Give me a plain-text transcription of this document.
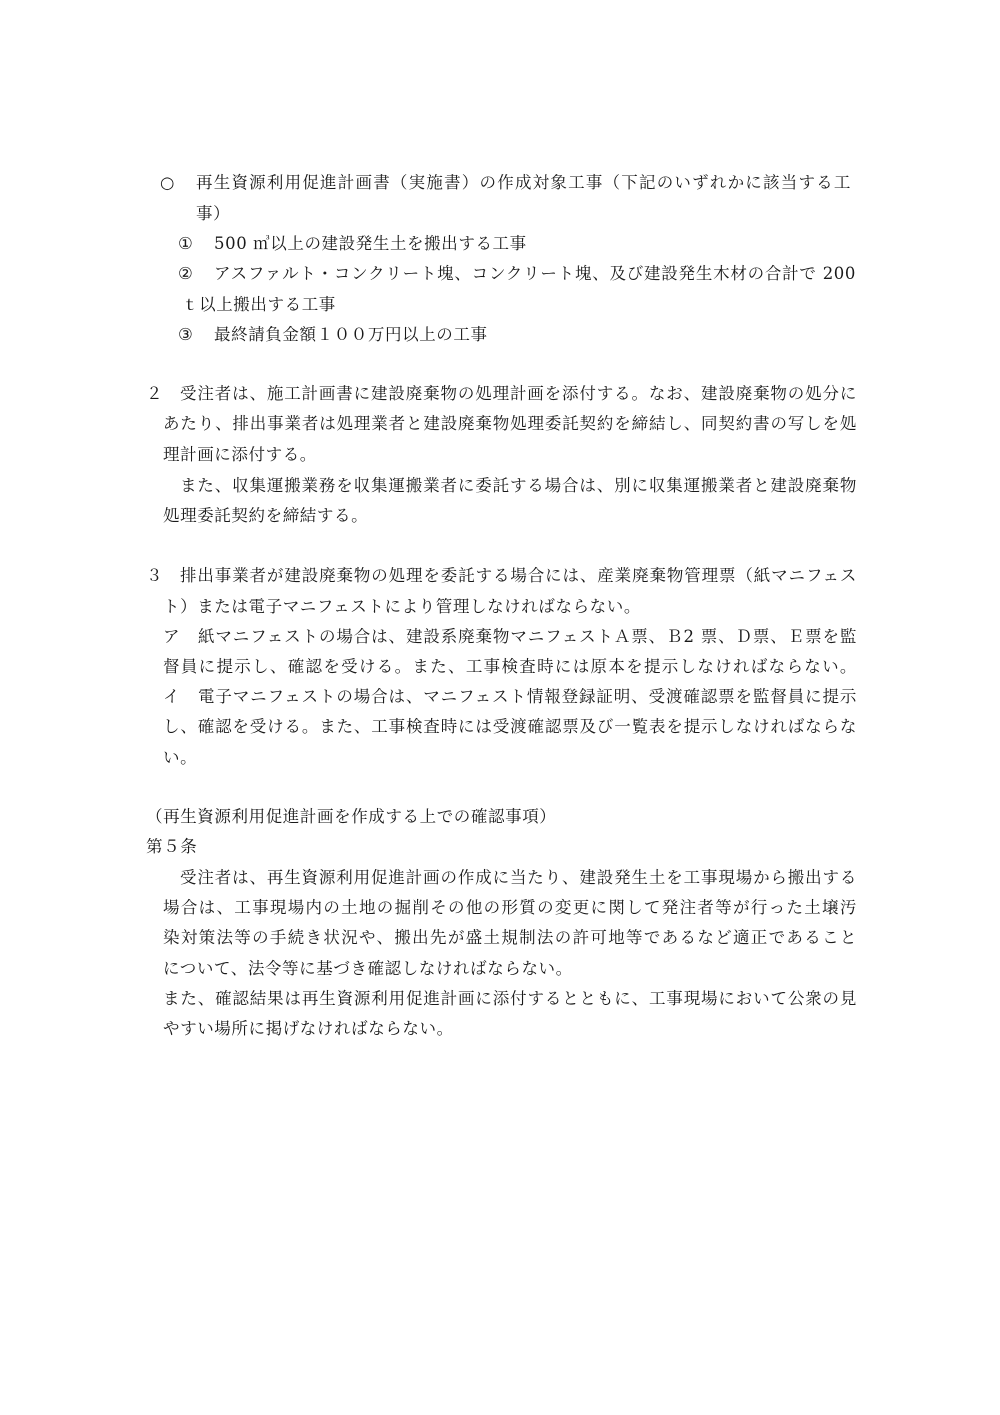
○ 再生資源利用促進計画書（実施書）の作成対象工事（下記のいずれかに該当する工
事）
① 500 ㎥以上の建設発生土を搬出する工事
② アスファルト・コンクリート塊、コンクリート塊、及び建設発生木材の合計で 200
ｔ以上搬出する工事
③ 最終請負金額１００万円以上の工事
２ 受注者は、施工計画書に建設廃棄物の処理計画を添付する。なお、建設廃棄物の処分に
あたり、排出事業者は処理業者と建設廃棄物処理委託契約を締結し、同契約書の写しを処
理計画に添付する。
また、収集運搬業務を収集運搬業者に委託する場合は、別に収集運搬業者と建設廃棄物
処理委託契約を締結する。
３ 排出事業者が建設廃棄物の処理を委託する場合には、産業廃棄物管理票（紙マニフェス
ト）または電子マニフェストにより管理しなければならない。
ア 紙マニフェストの場合は、建設系廃棄物マニフェストＡ票、Ｂ2 票、Ｄ票、Ｅ票を監
督員に提示し、確認を受ける。また、工事検査時には原本を提示しなければならない。
イ 電子マニフェストの場合は、マニフェスト情報登録証明、受渡確認票を監督員に提示
し、確認を受ける。また、工事検査時には受渡確認票及び一覧表を提示しなければならな
い。
（再生資源利用促進計画を作成する上での確認事項）
第５条
受注者は、再生資源利用促進計画の作成に当たり、建設発生土を工事現場から搬出する
場合は、工事現場内の土地の掘削その他の形質の変更に関して発注者等が行った土壌汚
染対策法等の手続き状況や、搬出先が盛土規制法の許可地等であるなど適正であること
について、法令等に基づき確認しなければならない。
また、確認結果は再生資源利用促進計画に添付するとともに、工事現場において公衆の見
やすい場所に掲げなければならない。
